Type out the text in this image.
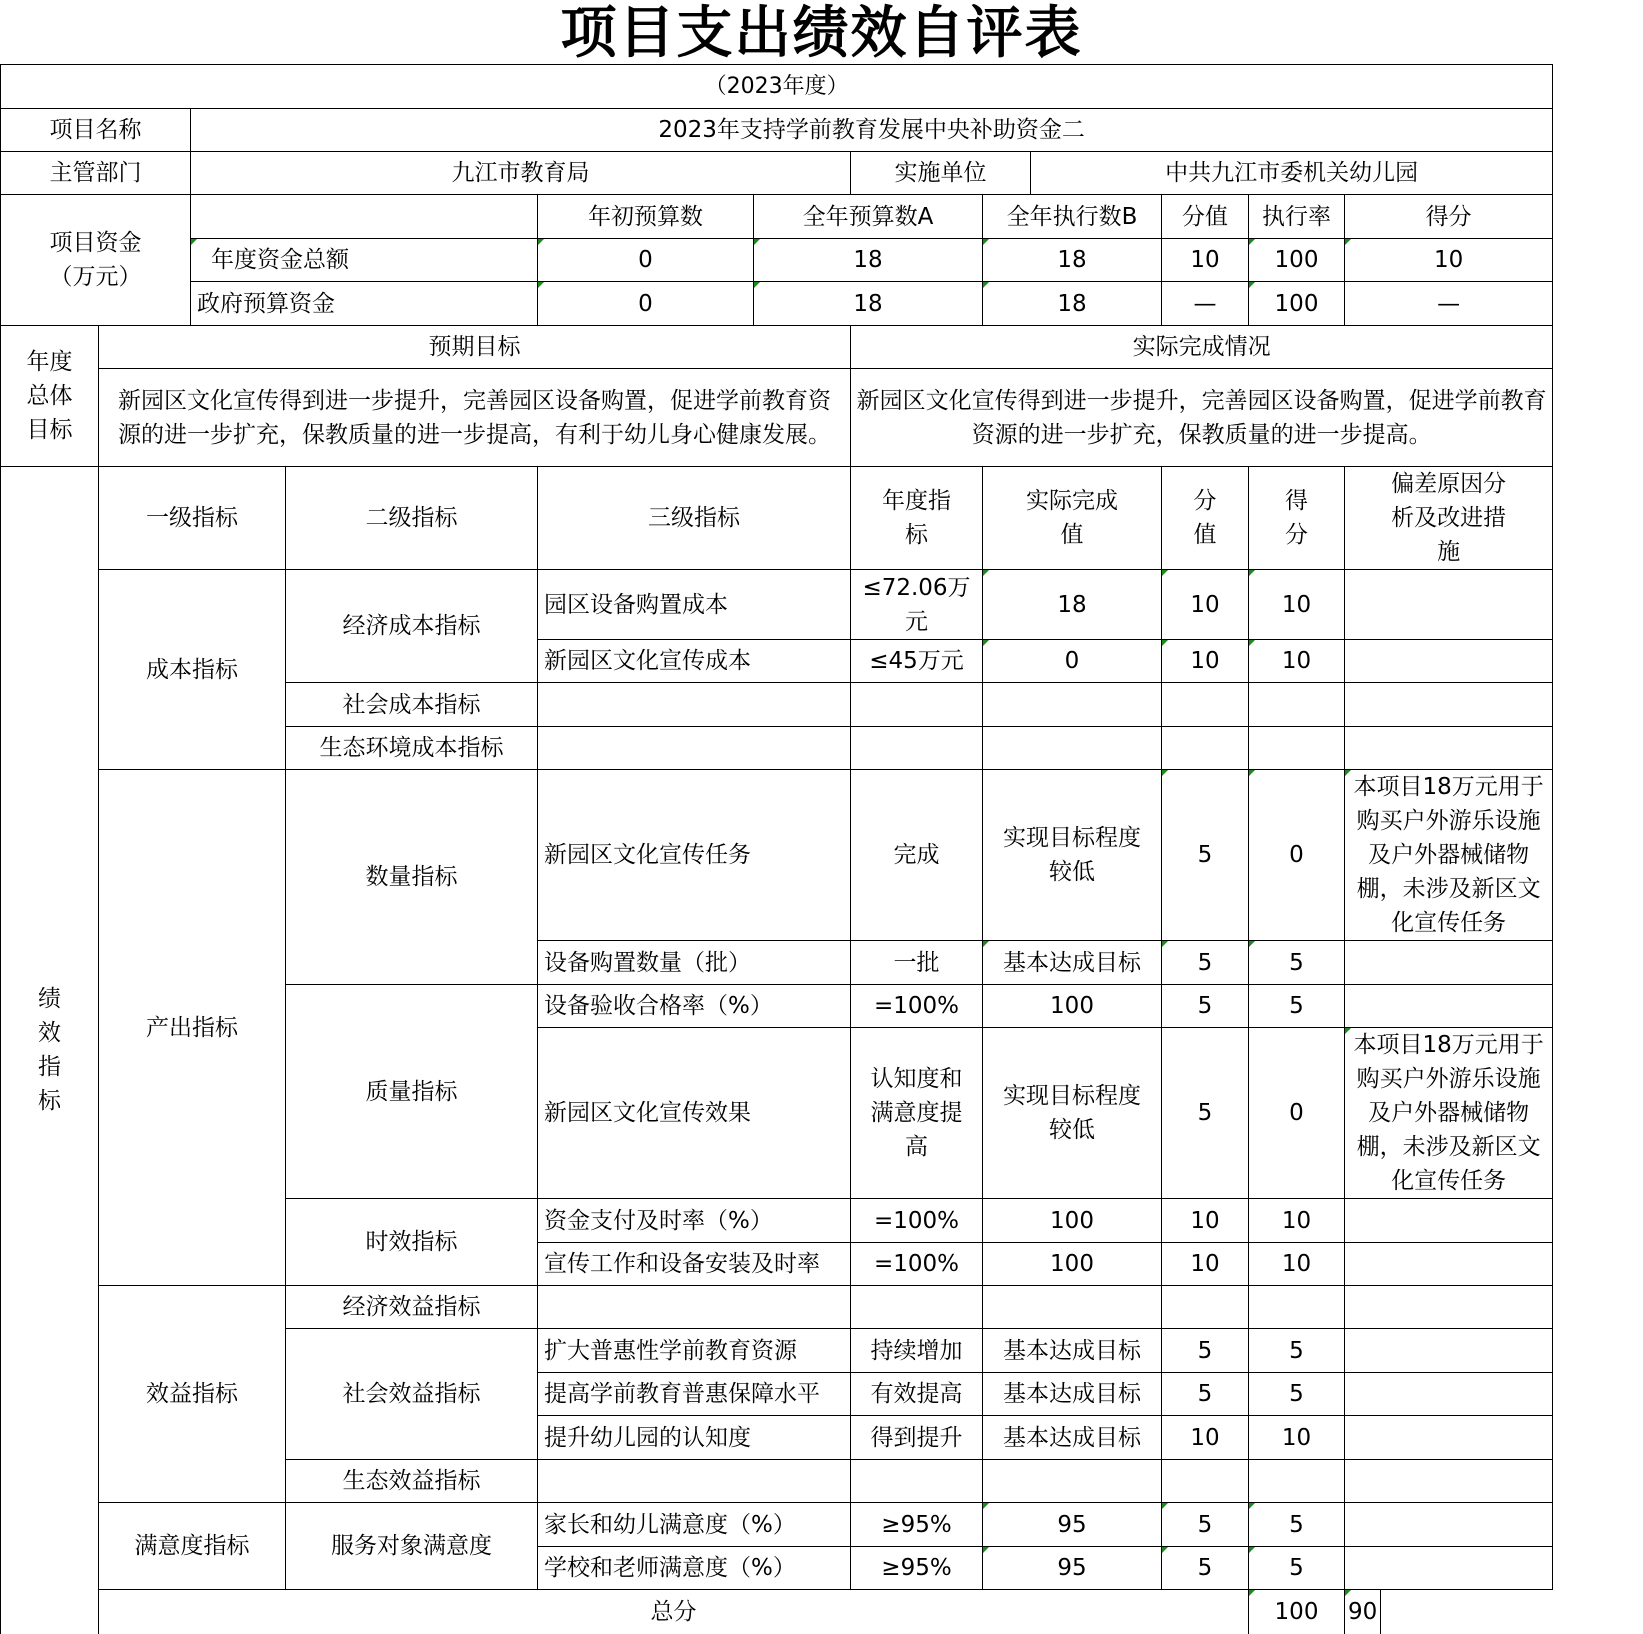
项目支出绩效自评表
（2023年度）												
项目名称		2023年支持学前教育发展中央补助资金二										
主管部门		九江市教育局				实施单位		中共九江市委机关幼儿园				
项目资金（万元）				年初预算数	全年预算数A		全年执行数B		分值	执行率	得分	
		年度资金总额		0	18		18		10	100	10	
		政府预算资金		0	18		18		—	100	—	
年度总体目标	预期目标					实际完成情况						
	新园区文化宣传得到进一步提升，完善园区设备购置，促进学前教育资源的进一步扩充，保教质量的进一步提高，有利于幼儿身心健康发展。					新园区文化宣传得到进一步提升，完善园区设备购置，促进学前教育资源的进一步扩充，保教质量的进一步提高。						
绩效指标	一级指标		二级指标	三级指标		年度指标	实际完成值		分值	得分	偏差原因分析及改进措施	
	成本指标		经济成本指标	园区设备购置成本		≤72.06万元	18		10	10		
				新园区文化宣传成本		≤45万元	0		10	10		
			社会成本指标									
			生态环境成本指标									
	产出指标		数量指标	新园区文化宣传任务		完成	实现目标程度较低		5	0	本项目18万元用于购买户外游乐设施及户外器械储物棚，未涉及新区文化宣传任务	
				设备购置数量（批）		一批	基本达成目标		5	5		
			质量指标	设备验收合格率（%）		=100%	100		5	5		
				新园区文化宣传效果		认知度和满意度提高	实现目标程度较低		5	0	本项目18万元用于购买户外游乐设施及户外器械储物棚，未涉及新区文化宣传任务	
			时效指标	资金支付及时率（%）		=100%	100		10	10		
				宣传工作和设备安装及时率		=100%	100		10	10		
	效益指标		经济效益指标									
			社会效益指标	扩大普惠性学前教育资源		持续增加	基本达成目标		5	5		
				提高学前教育普惠保障水平		有效提高	基本达成目标		5	5		
				提升幼儿园的认知度		得到提升	基本达成目标		10	10		
			生态效益指标									
	满意度指标		服务对象满意度	家长和幼儿满意度（%）		≥95%	95		5	5		
				学校和老师满意度（%）		≥95%	95		5	5		
	总分									100	90	
